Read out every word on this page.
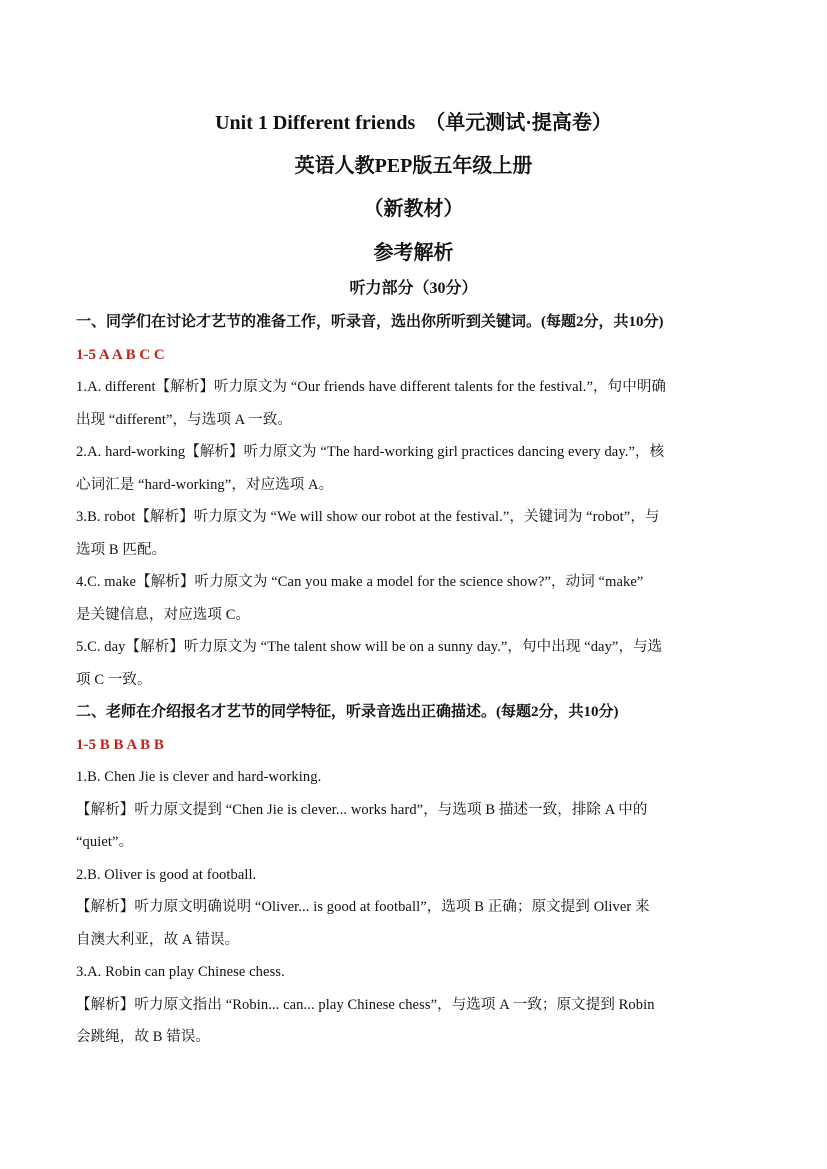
Unit 1 Different friends　（单元测试·提高卷）
英语人教PEP版五年级上册
（新教材）
参考解析
听力部分（30分）
一、同学们在讨论才艺节的准备工作，听录音，选出你所听到关键词。(每题2分，共10分)
1-5 A A B C C
1.A. different【解析】听力原文为 “Our friends have different talents for the festival.”，句中明确
出现 “different”，与选项 A 一致。
2.A. hard-working【解析】听力原文为 “The hard-working girl practices dancing every day.”，核
心词汇是 “hard-working”，对应选项 A。
3.B. robot【解析】听力原文为 “We will show our robot at the festival.”，关键词为 “robot”，与
选项 B 匹配。
4.C. make【解析】听力原文为 “Can you make a model for the science show?”，动词 “make”
是关键信息，对应选项 C。
5.C. day【解析】听力原文为 “The talent show will be on a sunny day.”，句中出现 “day”，与选
项 C 一致。
二、老师在介绍报名才艺节的同学特征，听录音选出正确描述。(每题2分，共10分)
1-5 B B A B B
1.B. Chen Jie is clever and hard-working.
【解析】听力原文提到 “Chen Jie is clever... works hard”，与选项 B 描述一致，排除 A 中的
“quiet”。
2.B. Oliver is good at football.
【解析】听力原文明确说明 “Oliver... is good at football”，选项 B 正确；原文提到 Oliver 来
自澳大利亚，故 A 错误。
3.A. Robin can play Chinese chess.
【解析】听力原文指出 “Robin... can... play Chinese chess”，与选项 A 一致；原文提到 Robin
会跳绳，故 B 错误。
